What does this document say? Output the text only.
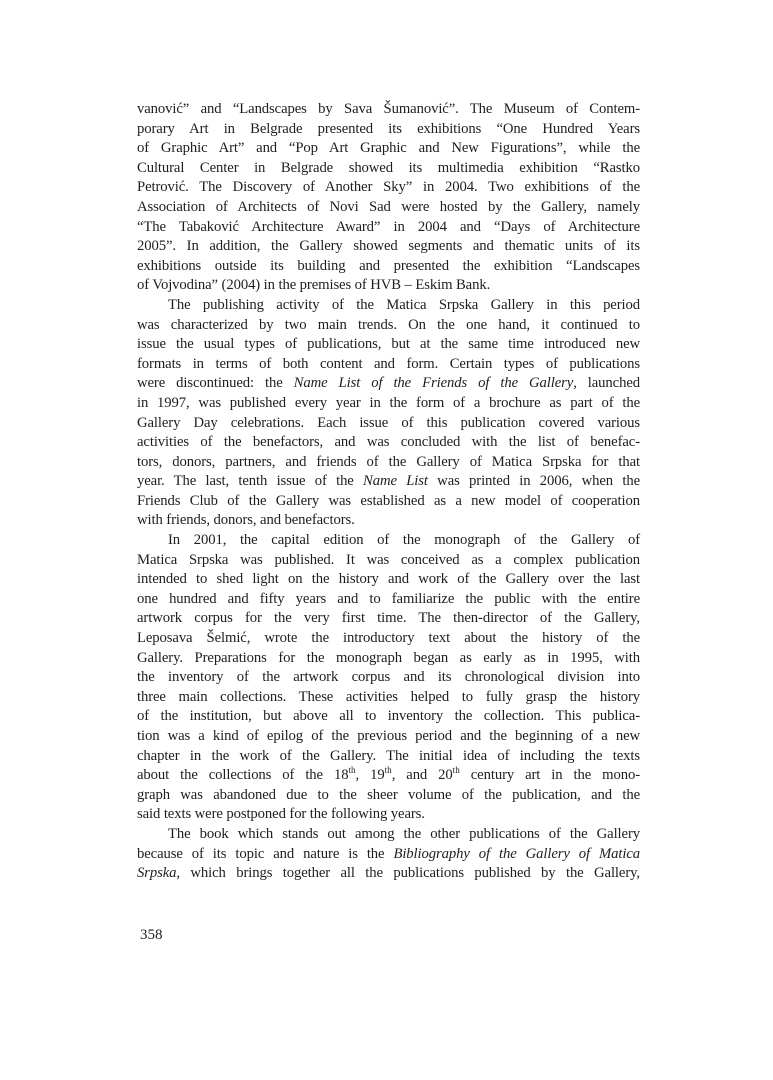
vanović” and “Landscapes by Sava Šumanović”. The Museum of Contem-
porary Art in Belgrade presented its exhibitions “One Hundred Years
of Graphic Art” and “Pop Art Graphic and New Figurations”, while the
Cultural Center in Belgrade showed its multimedia exhibition “Rastko
Petrović. The Discovery of Another Sky” in 2004. Two exhibitions of the
Association of Architects of Novi Sad were hosted by the Gallery, namely
“The Tabaković Architecture Award” in 2004 and “Days of Architecture
2005”. In addition, the Gallery showed segments and thematic units of its
exhibitions outside its building and presented the exhibition “Landscapes
of Vojvodina” (2004) in the premises of HVB – Eskim Bank.
The publishing activity of the Matica Srpska Gallery in this period
was characterized by two main trends. On the one hand, it continued to
issue the usual types of publications, but at the same time introduced new
formats in terms of both content and form. Certain types of publications
were discontinued: the Name List of the Friends of the Gallery, launched
in 1997, was published every year in the form of a brochure as part of the
Gallery Day celebrations. Each issue of this publication covered various
activities of the benefactors, and was concluded with the list of benefac-
tors, donors, partners, and friends of the Gallery of Matica Srpska for that
year. The last, tenth issue of the Name List was printed in 2006, when the
Friends Club of the Gallery was established as a new model of cooperation
with friends, donors, and benefactors.
In 2001, the capital edition of the monograph of the Gallery of
Matica Srpska was published. It was conceived as a complex publication
intended to shed light on the history and work of the Gallery over the last
one hundred and fifty years and to familiarize the public with the entire
artwork corpus for the very first time. The then-director of the Gallery,
Leposava Šelmić, wrote the introductory text about the history of the
Gallery. Preparations for the monograph began as early as in 1995, with
the inventory of the artwork corpus and its chronological division into
three main collections. These activities helped to fully grasp the history
of the institution, but above all to inventory the collection. This publica-
tion was a kind of epilog of the previous period and the beginning of a new
chapter in the work of the Gallery. The initial idea of including the texts
about the collections of the 18th, 19th, and 20th century art in the mono-
graph was abandoned due to the sheer volume of the publication, and the
said texts were postponed for the following years.
The book which stands out among the other publications of the Gallery
because of its topic and nature is the Bibliography of the Gallery of Matica
Srpska, which brings together all the publications published by the Gallery,
358
